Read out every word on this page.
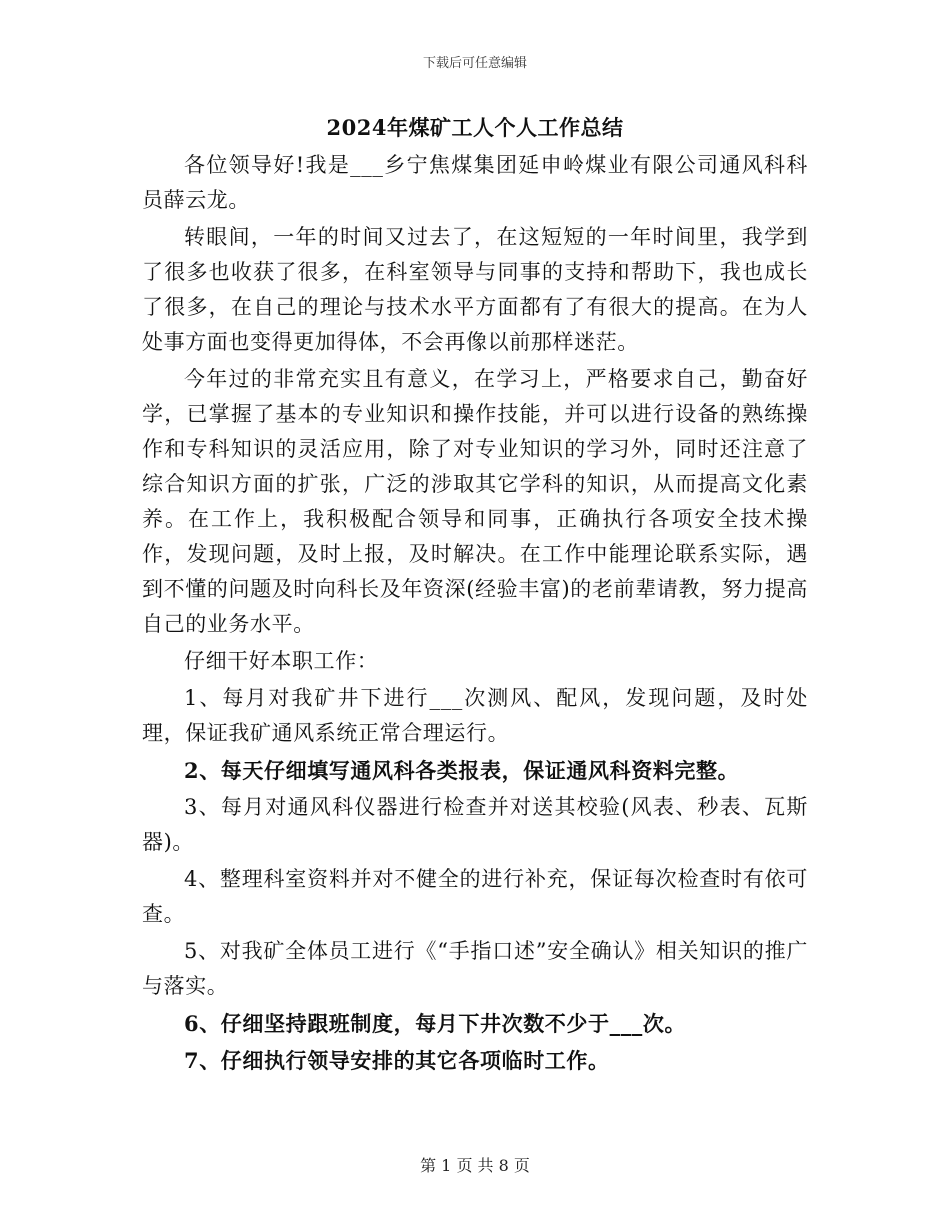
下载后可任意编辑
2024年煤矿工人个人工作总结

各位领导好!我是___乡宁焦煤集团延申岭煤业有限公司通风科科员薛云龙。

转眼间，一年的时间又过去了，在这短短的一年时间里，我学到了很多也收获了很多，在科室领导与同事的支持和帮助下，我也成长了很多，在自己的理论与技术水平方面都有了有很大的提高。在为人处事方面也变得更加得体，不会再像以前那样迷茫。

今年过的非常充实且有意义，在学习上，严格要求自己，勤奋好学，已掌握了基本的专业知识和操作技能，并可以进行设备的熟练操作和专科知识的灵活应用，除了对专业知识的学习外，同时还注意了综合知识方面的扩张，广泛的涉取其它学科的知识，从而提高文化素养。在工作上，我积极配合领导和同事，正确执行各项安全技术操作，发现问题，及时上报，及时解决。在工作中能理论联系实际，遇到不懂的问题及时向科长及年资深(经验丰富)的老前辈请教，努力提高自己的业务水平。

仔细干好本职工作：

1、每月对我矿井下进行___次测风、配风，发现问题，及时处理，保证我矿通风系统正常合理运行。

2、每天仔细填写通风科各类报表，保证通风科资料完整。

3、每月对通风科仪器进行检查并对送其校验(风表、秒表、瓦斯器)。

4、整理科室资料并对不健全的进行补充，保证每次检查时有依可查。

5、对我矿全体员工进行《“手指口述”安全确认》相关知识的推广与落实。

6、仔细坚持跟班制度，每月下井次数不少于___次。

7、仔细执行领导安排的其它各项临时工作。

第 1 页 共 8 页
